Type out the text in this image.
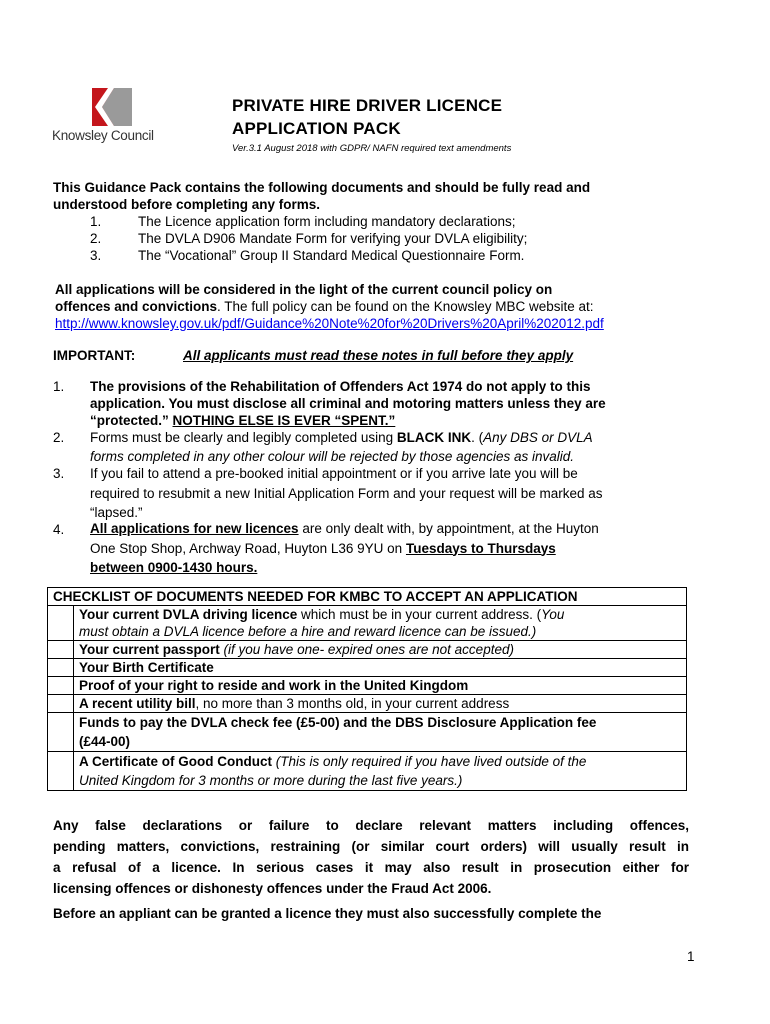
Knowsley Council
PRIVATE HIRE DRIVER LICENCE
APPLICATION PACK
Ver.3.1 August 2018 with GDPR/ NAFN required text amendments
This Guidance Pack contains the following documents and should be fully read and
understood before completing any forms.
1.	The Licence application form including mandatory declarations;
2.	The DVLA D906 Mandate Form for verifying your DVLA eligibility;
3.	The “Vocational” Group II Standard Medical Questionnaire Form.
All applications will be considered in the light of the current council policy on
offences and convictions. The full policy can be found on the Knowsley MBC website at:
http://www.knowsley.gov.uk/pdf/Guidance%20Note%20for%20Drivers%20April%202012.pdf
IMPORTANT:	All applicants must read these notes in full before they apply
1.	The provisions of the Rehabilitation of Offenders Act 1974 do not apply to this
application. You must disclose all criminal and motoring matters unless they are
“protected.” NOTHING ELSE IS EVER “SPENT.”
2.	Forms must be clearly and legibly completed using BLACK INK. (Any DBS or DVLA
forms completed in any other colour will be rejected by those agencies as invalid.
3.	If you fail to attend a pre-booked initial appointment or if you arrive late you will be
required to resubmit a new Initial Application Form and your request will be marked as
“lapsed.”
4.	All applications for new licences are only dealt with, by appointment, at the Huyton
One Stop Shop, Archway Road, Huyton L36 9YU on Tuesdays to Thursdays
between 0900-1430 hours.
CHECKLIST OF DOCUMENTS NEEDED FOR KMBC TO ACCEPT AN APPLICATION	

	Your current DVLA driving licence which must be in your current address. (You
must obtain a DVLA licence before a hire and reward licence can be issued.)

	Your current passport (if you have one- expired ones are not accepted)
	Your Birth Certificate
	Proof of your right to reside and work in the United Kingdom
	A recent utility bill, no more than 3 months old, in your current address

	Funds to pay the DVLA check fee (£5-00) and the DBS Disclosure Application fee
(£44-00)

	A Certificate of Good Conduct (This is only required if you have lived outside of the
United Kingdom for 3 months or more during the last five years.)
Any false declarations or failure to declare relevant matters including offences,
pending matters, convictions, restraining (or similar court orders) will usually result in
a refusal of a licence. In serious cases it may also result in prosecution either for
licensing offences or dishonesty offences under the Fraud Act 2006.
Before an appliant can be granted a licence they must also successfully complete the
1
